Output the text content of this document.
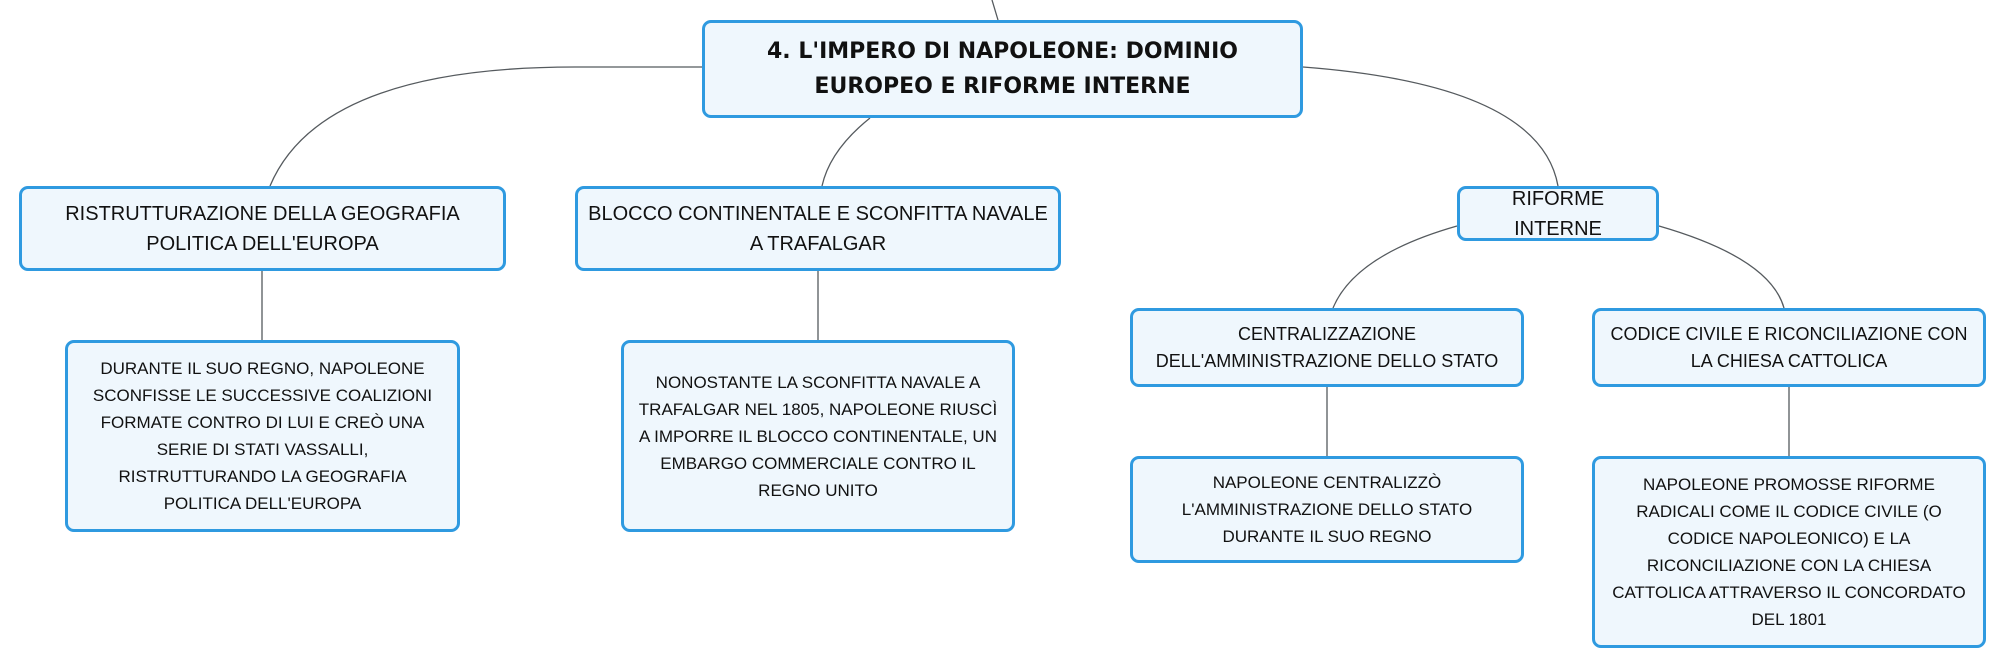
4. L'IMPERO DI NAPOLEONE: DOMINIO EUROPEO E RIFORME INTERNE
RISTRUTTURAZIONE DELLA GEOGRAFIA POLITICA DELL'EUROPA
BLOCCO CONTINENTALE E SCONFITTA NAVALE A TRAFALGAR
RIFORME INTERNE
CENTRALIZZAZIONE DELL'AMMINISTRAZIONE DELLO STATO
CODICE CIVILE E RICONCILIAZIONE CON LA CHIESA CATTOLICA
DURANTE IL SUO REGNO, NAPOLEONE SCONFISSE LE SUCCESSIVE COALIZIONI FORMATE CONTRO DI LUI E CREÒ UNA SERIE DI STATI VASSALLI, RISTRUTTURANDO LA GEOGRAFIA POLITICA DELL'EUROPA
NONOSTANTE LA SCONFITTA NAVALE A TRAFALGAR NEL 1805, NAPOLEONE RIUSCÌ A IMPORRE IL BLOCCO CONTINENTALE, UN EMBARGO COMMERCIALE CONTRO IL REGNO UNITO	NAPOLEONE CENTRALIZZÒ L'AMMINISTRAZIONE DELLO STATO DURANTE IL SUO REGNO
NAPOLEONE PROMOSSE RIFORME RADICALI COME IL CODICE CIVILE (O CODICE NAPOLEONICO) E LA RICONCILIAZIONE CON LA CHIESA CATTOLICA ATTRAVERSO IL CONCORDATO DEL 1801
